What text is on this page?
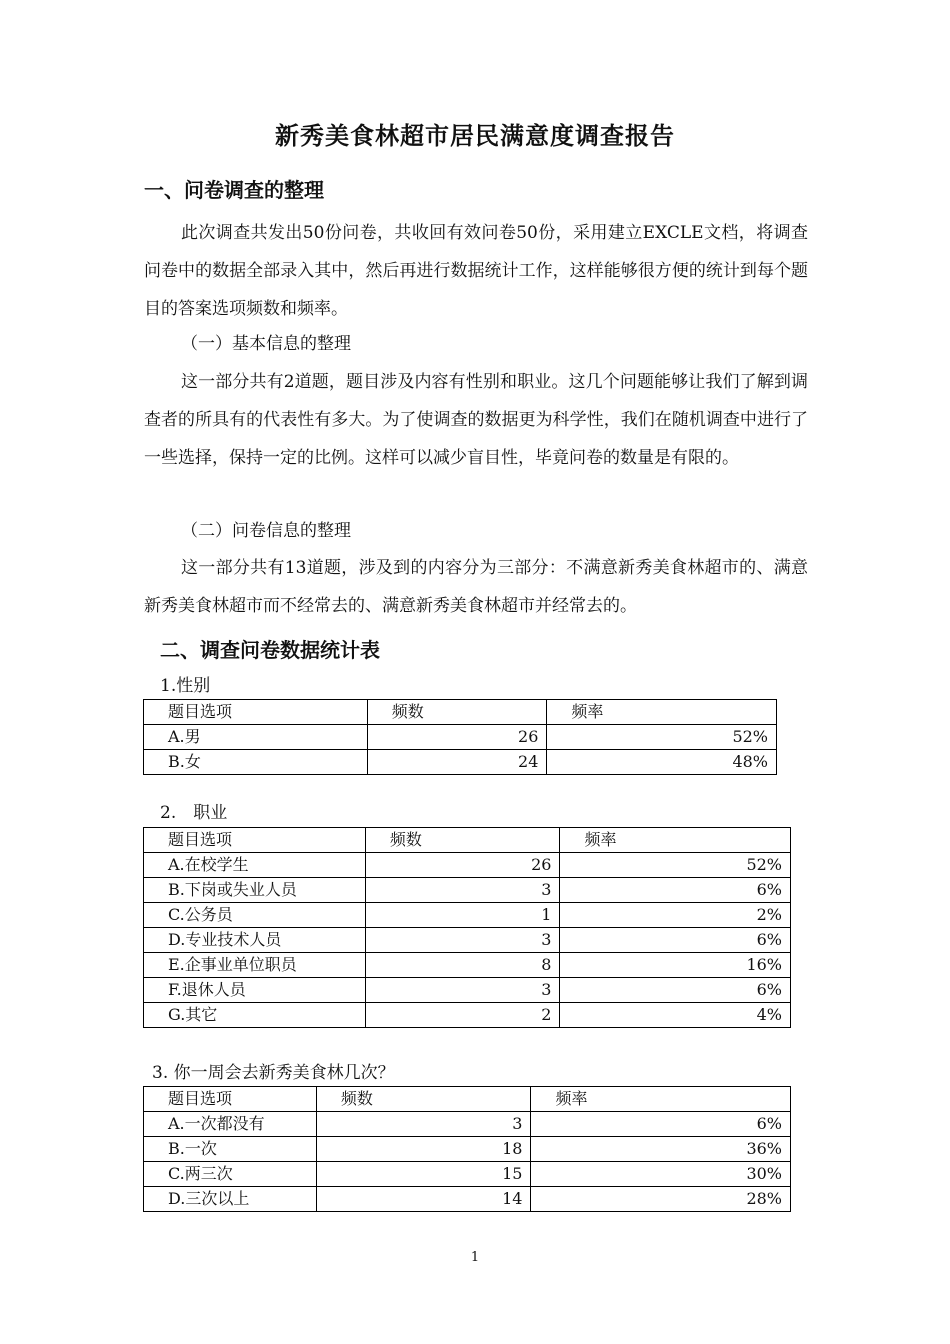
新秀美食林超市居民满意度调查报告
一、问卷调查的整理
此次调查共发出50份问卷，共收回有效问卷50份，采用建立EXCLE文档，将调查问卷中的数据全部录入其中，然后再进行数据统计工作，这样能够很方便的统计到每个题目的答案选项频数和频率。
（一）基本信息的整理
这一部分共有2道题，题目涉及内容有性别和职业。这几个问题能够让我们了解到调查者的所具有的代表性有多大。为了使调查的数据更为科学性，我们在随机调查中进行了一些选择，保持一定的比例。这样可以减少盲目性，毕竟问卷的数量是有限的。
（二）问卷信息的整理
这一部分共有13道题，涉及到的内容分为三部分：不满意新秀美食林超市的、满意新秀美食林超市而不经常去的、满意新秀美食林超市并经常去的。
二、调查问卷数据统计表
1.性别
题目选项	频数	频率
A.男	26	52%
B.女	24	48%
2.　职业
题目选项	频数	频率
A.在校学生	26	52%
B.下岗或失业人员	3	6%
C.公务员	1	2%
D.专业技术人员	3	6%
E.企事业单位职员	8	16%
F.退休人员	3	6%
G.其它	2	4%
3. 你一周会去新秀美食林几次？
题目选项	频数	频率
A.一次都没有	3	6%
B.一次	18	36%
C.两三次	15	30%
D.三次以上	14	28%
1
